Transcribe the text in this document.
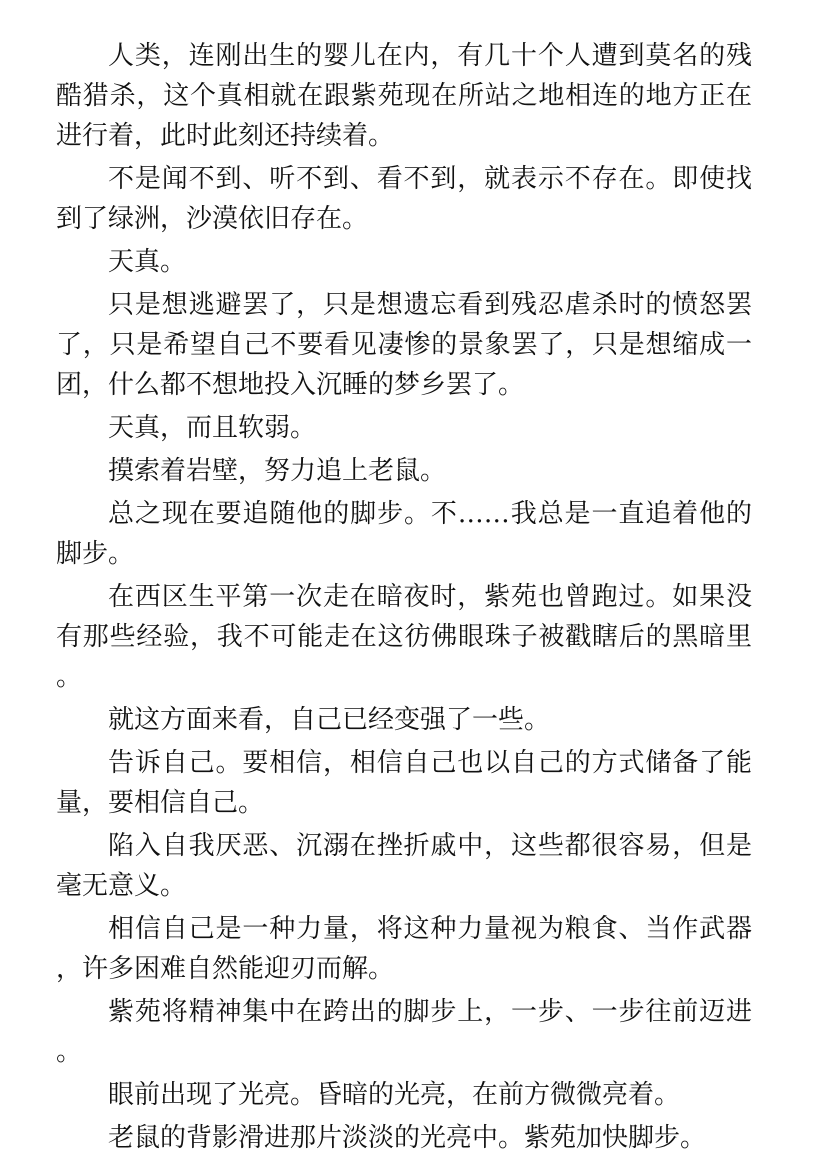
人类，连刚出生的婴儿在内，有几十个人遭到莫名的残酷猎杀，这个真相就在跟紫苑现在所站之地相连的地方正在进行着，此时此刻还持续着。

不是闻不到、听不到、看不到，就表示不存在。即使找到了绿洲，沙漠依旧存在。

天真。

只是想逃避罢了，只是想遗忘看到残忍虐杀时的愤怒罢了，只是希望自己不要看见凄惨的景象罢了，只是想缩成一团，什么都不想地投入沉睡的梦乡罢了。

天真，而且软弱。

摸索着岩壁，努力追上老鼠。

总之现在要追随他的脚步。不……我总是一直追着他的脚步。

在西区生平第一次走在暗夜时，紫苑也曾跑过。如果没有那些经验，我不可能走在这彷佛眼珠子被戳瞎后的黑暗里。

就这方面来看，自己已经变强了一些。

告诉自己。要相信，相信自己也以自己的方式储备了能量，要相信自己。

陷入自我厌恶、沉溺在挫折戚中，这些都很容易，但是毫无意义。

相信自己是一种力量，将这种力量视为粮食、当作武器，许多困难自然能迎刃而解。

紫苑将精神集中在跨出的脚步上，一步、一步往前迈进。

眼前出现了光亮。昏暗的光亮，在前方微微亮着。

老鼠的背影滑进那片淡淡的光亮中。紫苑加快脚步。
